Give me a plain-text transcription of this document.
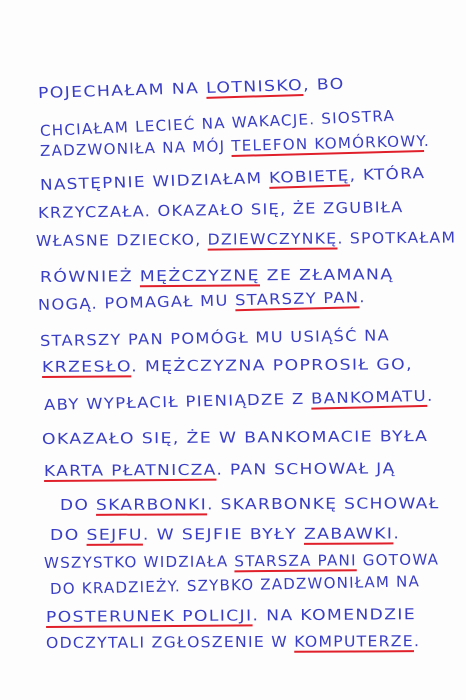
POJECHAŁAM NA LOTNISKO, BO
CHCIAŁAM LECIEĆ NA WAKACJE. SIOSTRA
ZADZWONIŁA NA MÓJ TELEFON KOMÓRKOWY.
NASTĘPNIE WIDZIAŁAM KOBIETĘ, KTÓRA
KRZYCZAŁA. OKAZAŁO SIĘ, ŻE ZGUBIŁA
WŁASNE DZIECKO, DZIEWCZYNKĘ. SPOTKAŁAM
RÓWNIEŻ MĘŻCZYZNĘ ZE ZŁAMANĄ
NOGĄ. POMAGAŁ MU STARSZY PAN.
STARSZY PAN POMÓGŁ MU USIĄŚĆ NA
KRZESŁO. MĘŻCZYZNA POPROSIŁ GO,
ABY WYPŁACIŁ PIENIĄDZE Z BANKOMATU.
OKAZAŁO SIĘ, ŻE W BANKOMACIE BYŁA
KARTA PŁATNICZA. PAN SCHOWAŁ JĄ
DO SKARBONKI. SKARBONKĘ SCHOWAŁ
DO SEJFU. W SEJFIE BYŁY ZABAWKI.
WSZYSTKO WIDZIAŁA STARSZA PANI GOTOWA
DO KRADZIEŻY. SZYBKO ZADZWONIŁAM NA
POSTERUNEK POLICJI. NA KOMENDZIE
ODCZYTALI ZGŁOSZENIE W KOMPUTERZE.
